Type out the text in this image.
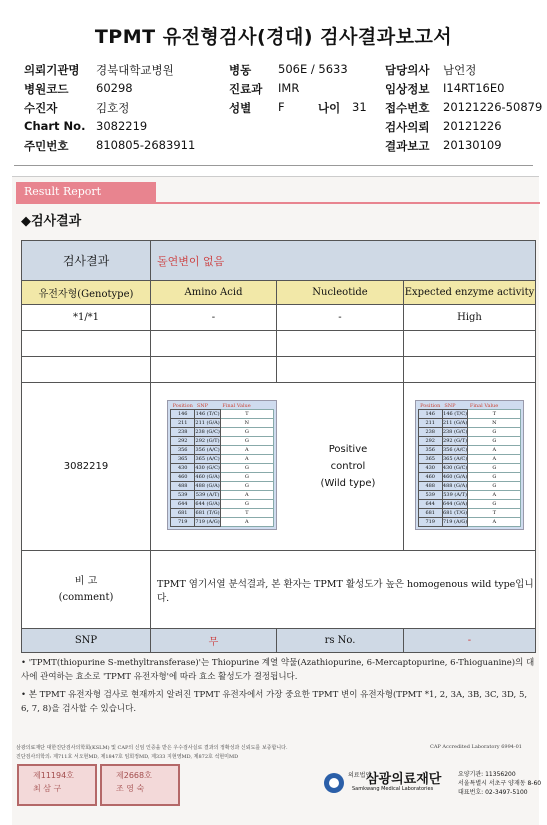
TPMT 유전형검사(경대) 검사결과보고서
의뢰기관명 경북대학교병원	병동 506E / 5633	담당의사 남언정
병원코드 60298	진료과 IMR	임상정보 I14RT16E0
수진자	김호정	성별 F	나이 31 접수번호 20121226-50879
Chart No. 3082219	검사의뢰 20121226
주민번호 810805-2683911	결과보고 20130109
Result Report
◆검사결과
검사결과	돌연변이 없음
유전자형(Genotype)	Amino Acid	Nucleotide	Expected enzyme activity
*1/*1	-	-	High

3082219	
Position	SNP	Final Value
146	146 (T/C)	T
211	211 (G/A)	N
238	238 (G/C)	G
292	292 (G/T)	G
356	356 (A/C)	A
365	365 (A/C)	A
430	430 (G/C)	G
460	460 (G/A)	G
488	488 (G/A)	G
539	539 (A/T)	A
644	644 (G/A)	G
681	681 (T/G)	T
719	719 (A/G)	A
Positive
control
(Wild type)

Position	SNP	Final Value
146	146 (T/C)	T
211	211 (G/A)	N
238	238 (G/C)	G
292	292 (G/T)	G
356	356 (A/C)	A
365	365 (A/C)	A
430	430 (G/C)	G
460	460 (G/A)	G
488	488 (G/A)	G
539	539 (A/T)	A
644	644 (G/A)	G
681	681 (T/G)	T
719	719 (A/G)	A

비 고
(comment)
	TPMT 염기서열 분석결과, 본 환자는 TPMT 활성도가 높은 homogenous wild type입니다.
SNP	무	rs No.	-
• 'TPMT(thiopurine S-methyltransferase)'는 Thiopurine 계열 약물(Azathiopurine, 6-Mercaptopurine, 6-Thioguanine)의 대사에 관여하는 효소로 'TPMT 유전자형'에 따라 효소 활성도가 결정됩니다.
• 본 TPMT 유전자형 검사로 현재까지 알려진 TPMT 유전자에서 가장 중요한 TPMT 변이 유전자형(TPMT *1, 2, 3A, 3B, 3C, 3D, 5, 6, 7, 8)을 검사할 수 있습니다.
삼광의료재단 대한진단검사의학회(KSLM) 및 CAP의 신임 인증을 받은 우수검사실로 결과의 정확성과 신뢰도를 보증합니다.
진단검사의학의: 제711호 서오현MD, 제1847호 임희정MD, 제333 지현영MD, 제872호 석현미MD
CAP Accredited Laboratory 6994-01
제11194호
최 삼 구
제2668호
조 영 숙
의료법인
삼광의료재단
Samkwang Medical Laboratories
요양기관: 11356200
서울특별시 서초구 양재동 8-60
대표번호: 02-3497-5100
